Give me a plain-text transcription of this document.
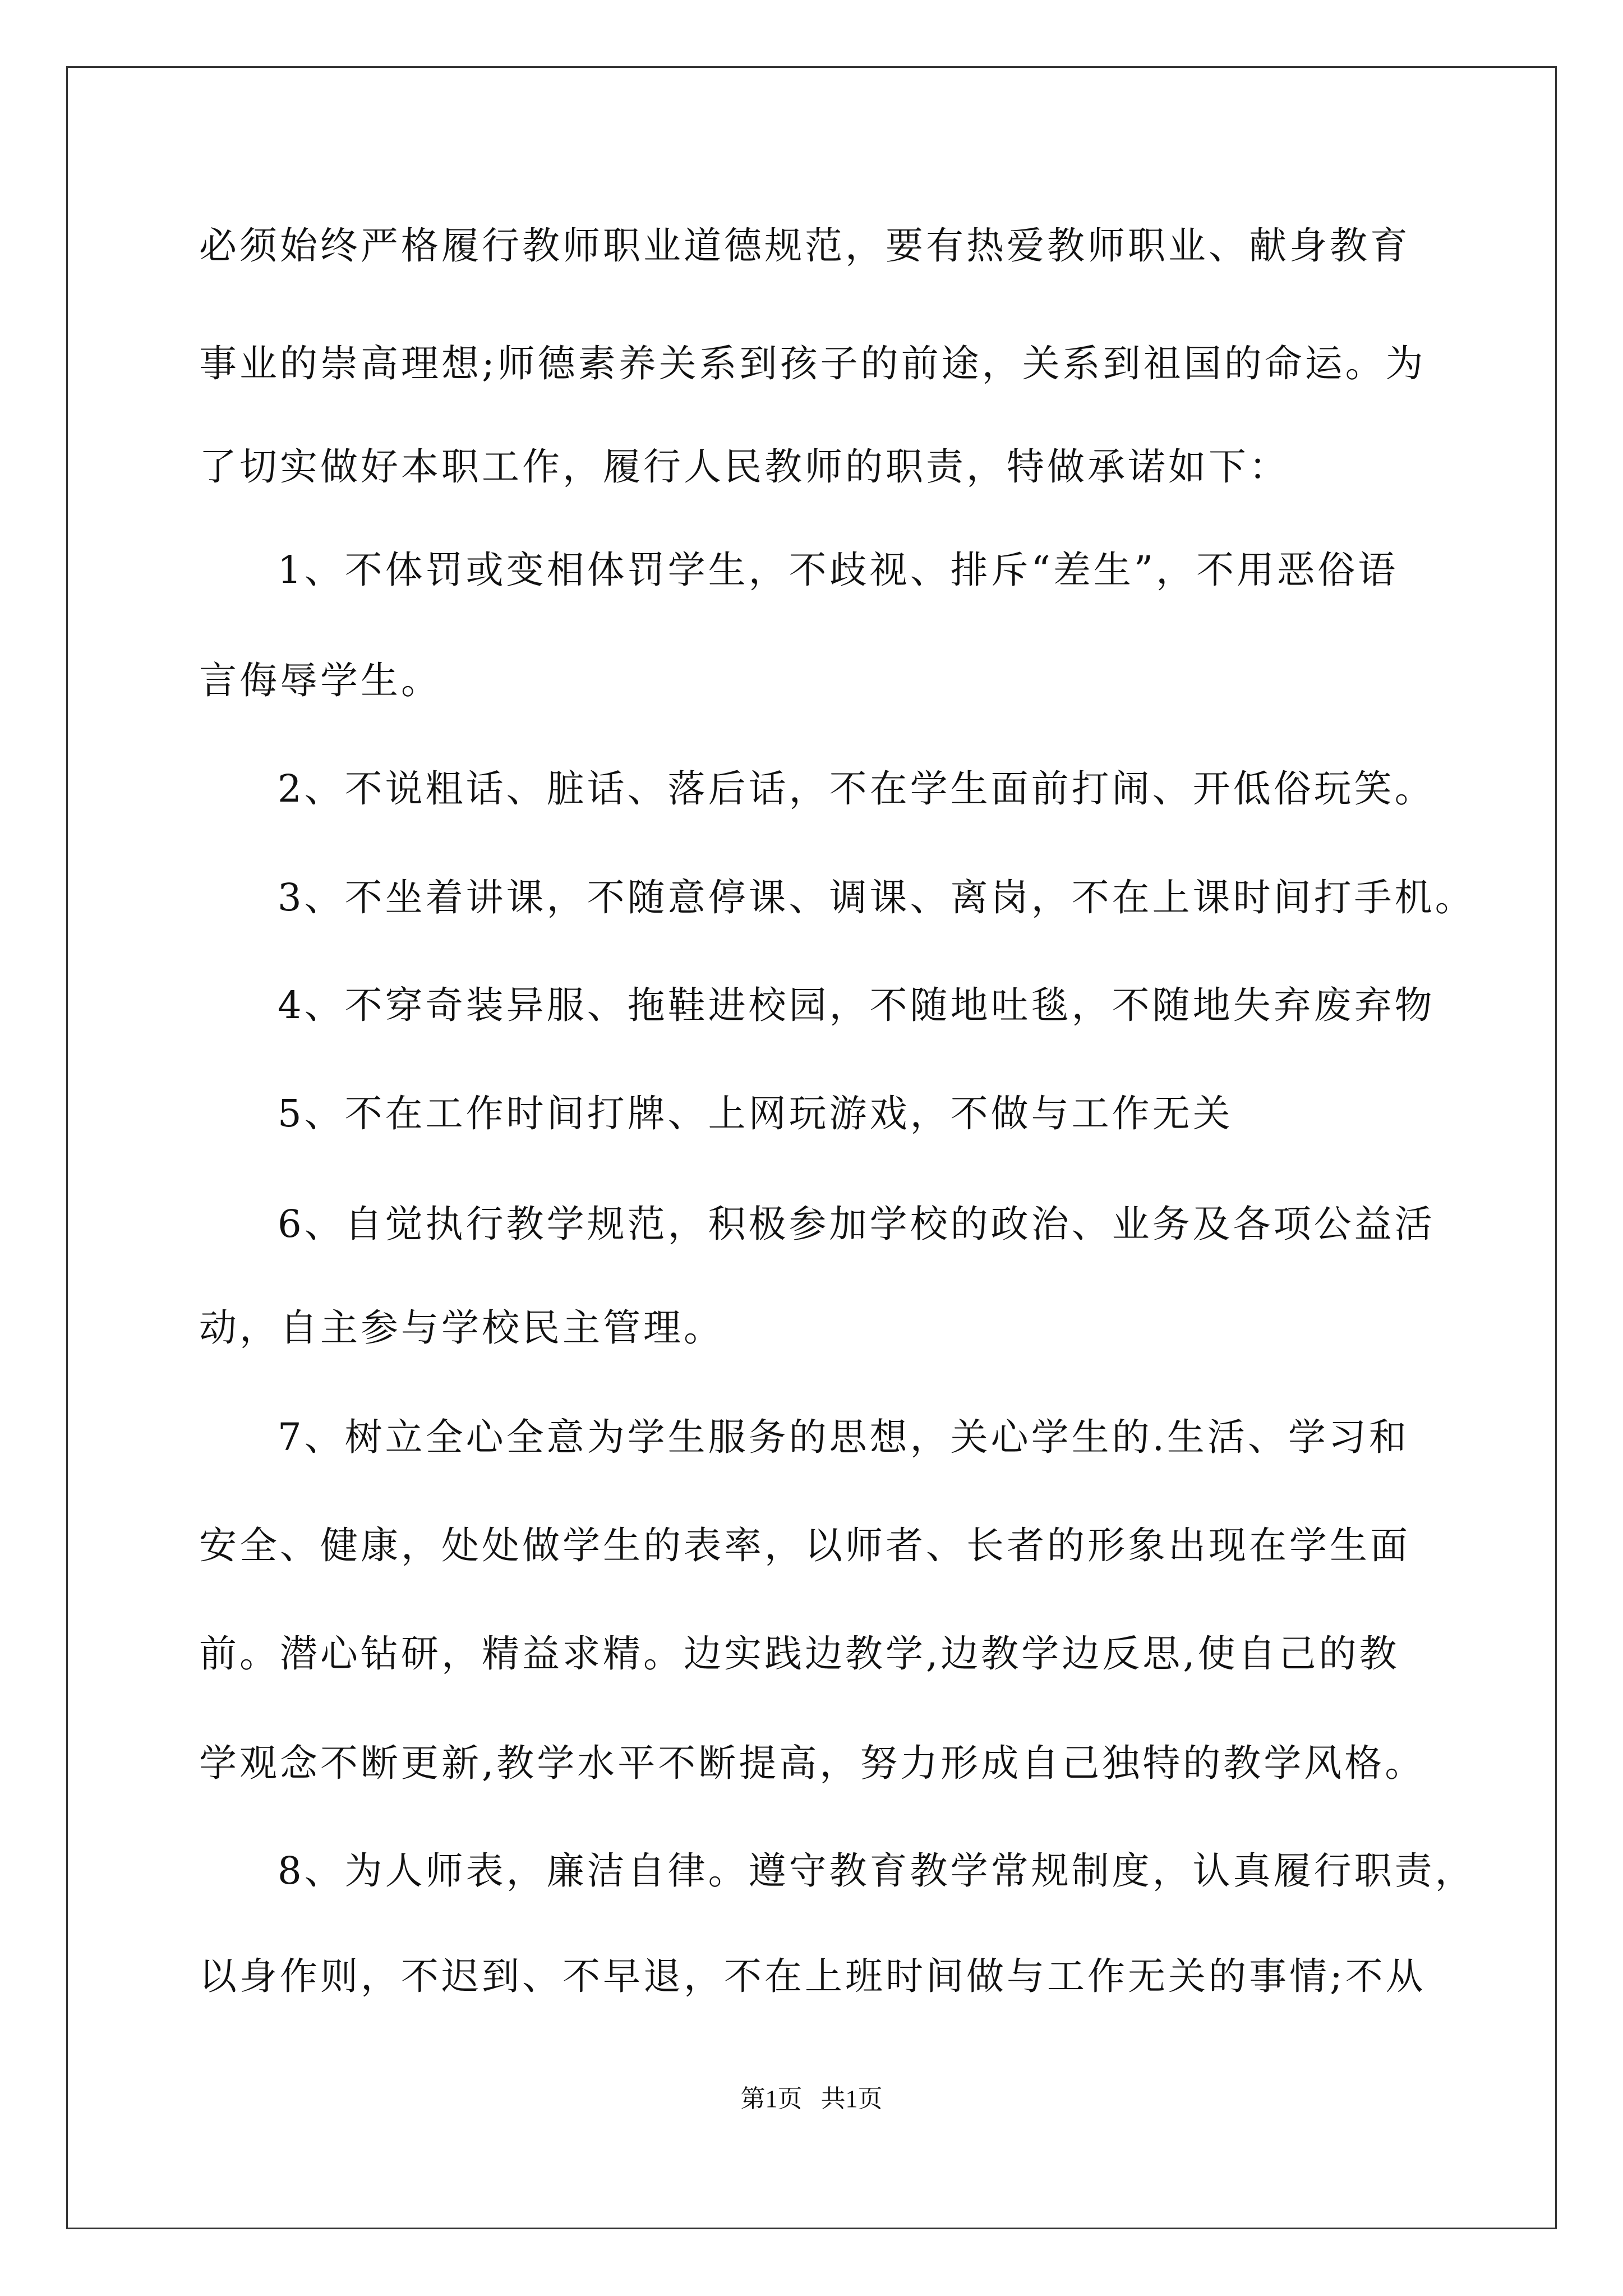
必须始终严格履行教师职业道德规范，要有热爱教师职业、献身教育

事业的崇高理想;师德素养关系到孩子的前途，关系到祖国的命运。为

了切实做好本职工作，履行人民教师的职责，特做承诺如下：

1、不体罚或变相体罚学生，不歧视、排斥“差生”，不用恶俗语

言侮辱学生。

2、不说粗话、脏话、落后话，不在学生面前打闹、开低俗玩笑。

3、不坐着讲课，不随意停课、调课、离岗，不在上课时间打手机。

4、不穿奇装异服、拖鞋进校园，不随地吐毯，不随地失弃废弃物

5、不在工作时间打牌、上网玩游戏，不做与工作无关

6、自觉执行教学规范，积极参加学校的政治、业务及各项公益活

动，自主参与学校民主管理。

7、树立全心全意为学生服务的思想，关心学生的.生活、学习和

安全、健康，处处做学生的表率，以师者、长者的形象出现在学生面

前。潜心钻研，精益求精。边实践边教学,边教学边反思,使自己的教

学观念不断更新,教学水平不断提高，努力形成自己独特的教学风格。

8、为人师表，廉洁自律。遵守教育教学常规制度，认真履行职责，

以身作则，不迟到、不早退，不在上班时间做与工作无关的事情;不从

第1页   共1页
